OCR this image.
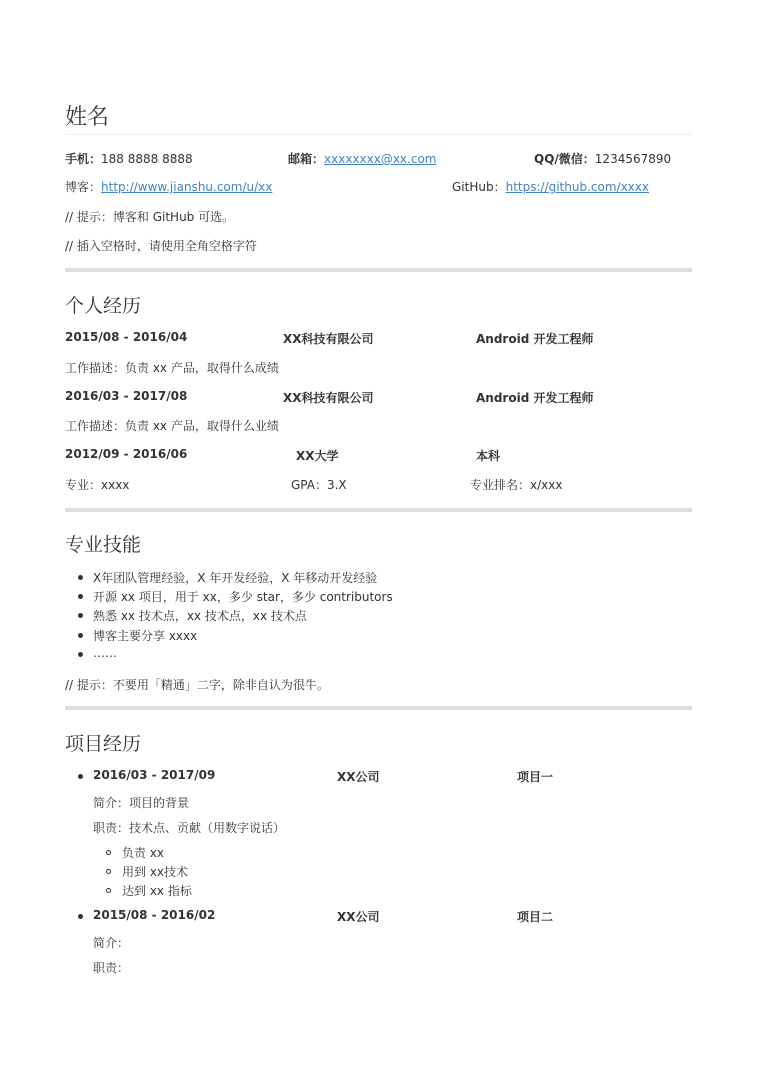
姓名
手机：188 8888 8888	邮箱：xxxxxxxx@xx.com	QQ/微信：1234567890
博客：http://www.jianshu.com/u/xx	GitHub：https://github.com/xxxx
// 提示：博客和 GitHub 可选。
// 插入空格时，请使用全角空格字符
个人经历
2015/08 - 2016/04	XX科技有限公司	Android 开发工程师
工作描述：负责 xx 产品，取得什么成绩
2016/03 - 2017/08	XX科技有限公司	Android 开发工程师
工作描述：负责 xx 产品，取得什么业绩
2012/09 - 2016/06	XX大学	本科
专业：xxxx	GPA：3.X	专业排名：x/xxx
专业技能
X年团队管理经验，X 年开发经验，X 年移动开发经验
开源 xx 项目，用于 xx，多少 star，多少 contributors
熟悉 xx 技术点，xx 技术点，xx 技术点
博客主要分享 xxxx
……
// 提示：不要用「精通」二字，除非自认为很牛。
项目经历
2016/03 - 2017/09	XX公司	项目一
简介：项目的背景
职责：技术点、贡献（用数字说话）
负责 xx
用到 xx技术
达到 xx 指标
2015/08 - 2016/02	XX公司	项目二
简介：
职责：
